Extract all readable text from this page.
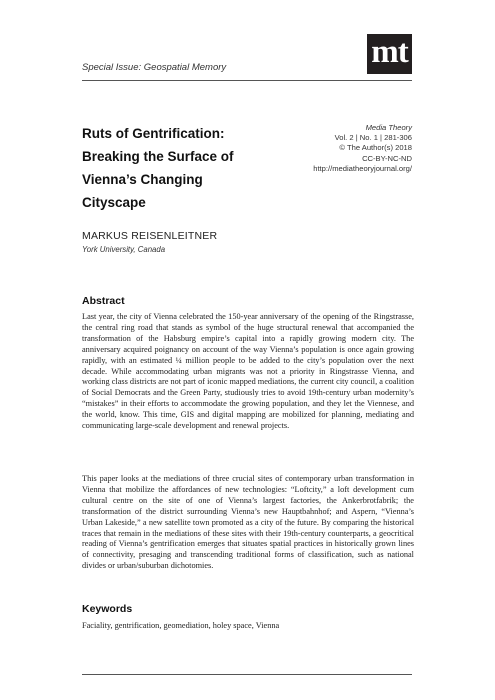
mt
Special Issue: Geospatial Memory
Ruts of Gentrification:
Breaking the Surface of
Vienna’s Changing
Cityscape
Media Theory
Vol. 2 | No. 1 | 281-306
© The Author(s) 2018
CC-BY-NC-ND
http://mediatheoryjournal.org/
MARKUS REISENLEITNER
York University, Canada
Abstract

Last year, the city of Vienna celebrated the 150-year anniversary of the opening of the Ringstrasse, the central ring road that stands as symbol of the huge structural renewal that accompanied the transformation of the Habsburg empire’s capital into a rapidly growing modern city. The anniversary acquired poignancy on account of the way Vienna’s population is once again growing rapidly, with an estimated ¼ million people to be added to the city’s population over the next decade. While accommodating urban migrants was not a priority in Ringstrasse Vienna, and working class districts are not part of iconic mapped mediations, the current city council, a coalition of Social Democrats and the Green Party, studiously tries to avoid 19th-century urban modernity’s “mistakes” in their efforts to accommodate the growing population, and they let the Viennese, and the world, know. This time, GIS and digital mapping are mobilized for planning, mediating and communicating large-scale development and renewal projects.

This paper looks at the mediations of three crucial sites of contemporary urban transformation in Vienna that mobilize the affordances of new technologies: “Loftcity,” a loft development cum cultural centre on the site of one of Vienna’s largest factories, the Ankerbrotfabrik; the transformation of the district surrounding Vienna’s new Hauptbahnhof; and Aspern, “Vienna’s Urban Lakeside,” a new satellite town promoted as a city of the future. By comparing the historical traces that remain in the mediations of these sites with their 19th-century counterparts, a geocritical reading of Vienna’s gentrification emerges that situates spatial practices in historically grown lines of connectivity, presaging and transcending traditional forms of classification, such as national divides or urban/suburban dichotomies.

Keywords
Faciality, gentrification, geomediation, holey space, Vienna
